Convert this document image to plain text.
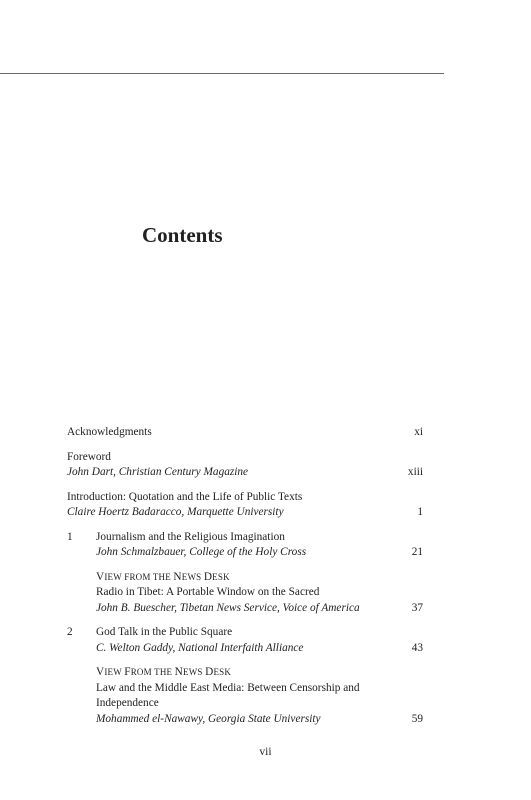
Contents
Acknowledgments	xi
Foreword
John Dart, Christian Century Magazine	xiii
Introduction: Quotation and the Life of Public Texts
Claire Hoertz Badaracco, Marquette University	1
1 Journalism and the Religious Imagination
John Schmalzbauer, College of the Holy Cross	21
VIEW FROM THE NEWS DESK
Radio in Tibet: A Portable Window on the Sacred
John B. Buescher, Tibetan News Service, Voice of America	37
2 God Talk in the Public Square
C. Welton Gaddy, National Interfaith Alliance	43
VIEW FROM THE NEWS DESK
Law and the Middle East Media: Between Censorship and Independence
Mohammed el-Nawawy, Georgia State University	59
vii
